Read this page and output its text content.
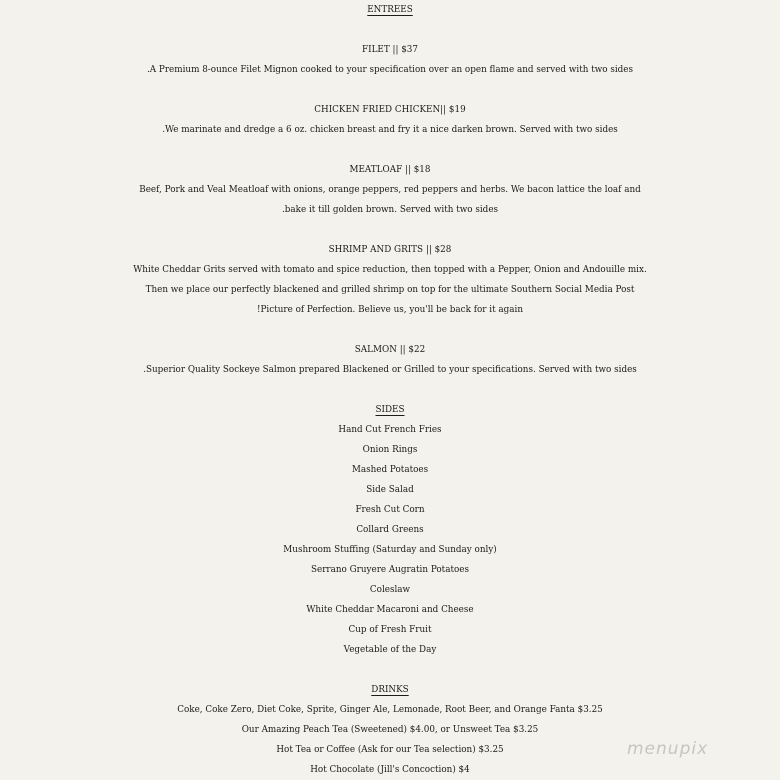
ENTREES
FILET || $37
.A Premium 8-ounce Filet Mignon cooked to your specification over an open flame and served with two sides
CHICKEN FRIED CHICKEN|| $19
.We marinate and dredge a 6 oz. chicken breast and fry it a nice darken brown. Served with two sides
MEATLOAF || $18
Beef, Pork and Veal Meatloaf with onions, orange peppers, red peppers and herbs. We bacon lattice the loaf and
.bake it till golden brown. Served with two sides
SHRIMP AND GRITS || $28
White Cheddar Grits served with tomato and spice reduction, then topped with a Pepper, Onion and Andouille mix.
Then we place our perfectly blackened and grilled shrimp on top for the ultimate Southern Social Media Post
!Picture of Perfection. Believe us, you'll be back for it again
SALMON || $22
.Superior Quality Sockeye Salmon prepared Blackened or Grilled to your specifications. Served with two sides
SIDES
Hand Cut French Fries
Onion Rings
Mashed Potatoes
Side Salad
Fresh Cut Corn
Collard Greens
Mushroom Stuffing (Saturday and Sunday only)
Serrano Gruyere Augratin Potatoes
Coleslaw
White Cheddar Macaroni and Cheese
Cup of Fresh Fruit
Vegetable of the Day
DRINKS
Coke, Coke Zero, Diet Coke, Sprite, Ginger Ale, Lemonade, Root Beer, and Orange Fanta $3.25
Our Amazing Peach Tea (Sweetened) $4.00, or Unsweet Tea $3.25
Hot Tea or Coffee (Ask for our Tea selection) $3.25
Hot Chocolate (Jill's Concoction) $4
menupix
